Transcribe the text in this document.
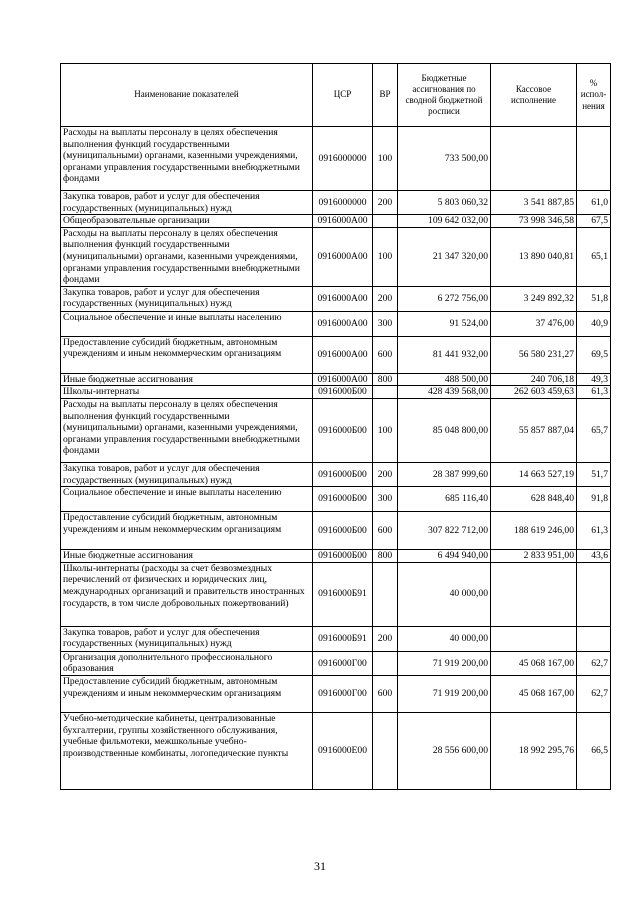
Наименование показателей	ЦСР	ВР	Бюджетные ассигнования по сводной бюджетной росписи	Кассовое исполнение	% испол-нения
Расходы на выплаты персоналу в целях обеспечения выполнения функций государственными (муниципальными) органами, казенными учреждениями, органами управления государственными внебюджетными фондами	0916000000	100	733 500,00		
Закупка товаров, работ и услуг для обеспечения государственных (муниципальных) нужд	0916000000	200	5 803 060,32	3 541 887,85	61,0
Общеобразовательные организации	0916000А00		109 642 032,00	73 998 346,58	67,5
Расходы на выплаты персоналу в целях обеспечения выполнения функций государственными (муниципальными) органами, казенными учреждениями, органами управления государственными внебюджетными фондами	0916000А00	100	21 347 320,00	13 890 040,81	65,1
Закупка товаров, работ и услуг для обеспечения государственных (муниципальных) нужд	0916000А00	200	6 272 756,00	3 249 892,32	51,8
Социальное обеспечение и иные выплаты населению	0916000А00	300	91 524,00	37 476,00	40,9
Предоставление субсидий бюджетным, автономным учреждениям и иным некоммерческим организациям	0916000А00	600	81 441 932,00	56 580 231,27	69,5
Иные бюджетные ассигнования	0916000А00	800	488 500,00	240 706,18	49,3
Школы-интернаты	0916000Б00		428 439 568,00	262 603 459,63	61,3
Расходы на выплаты персоналу в целях обеспечения выполнения функций государственными (муниципальными) органами, казенными учреждениями, органами управления государственными внебюджетными фондами	0916000Б00	100	85 048 800,00	55 857 887,04	65,7
Закупка товаров, работ и услуг для обеспечения государственных (муниципальных) нужд	0916000Б00	200	28 387 999,60	14 663 527,19	51,7
Социальное обеспечение и иные выплаты населению	0916000Б00	300	685 116,40	628 848,40	91,8
Предоставление субсидий бюджетным, автономным учреждениям и иным некоммерческим организациям	0916000Б00	600	307 822 712,00	188 619 246,00	61,3
Иные бюджетные ассигнования	0916000Б00	800	6 494 940,00	2 833 951,00	43,6
Школы-интернаты (расходы за счет безвозмездных перечислений от физических и юридических лиц, международных организаций и правительств иностранных государств, в том числе добровольных пожертвований)	0916000Б91		40 000,00		
Закупка товаров, работ и услуг для обеспечения государственных (муниципальных) нужд	0916000Б91	200	40 000,00		
Организация дополнительного профессионального образования	0916000Г00		71 919 200,00	45 068 167,00	62,7
Предоставление субсидий бюджетным, автономным учреждениям и иным некоммерческим организациям	0916000Г00	600	71 919 200,00	45 068 167,00	62,7
Учебно-методические кабинеты, централизованные бухгалтерии, группы хозяйственного обслуживания, учебные фильмотеки, межшкольные учебно-производственные комбинаты, логопедические пункты	0916000Е00		28 556 600,00	18 992 295,76	66,5
31
